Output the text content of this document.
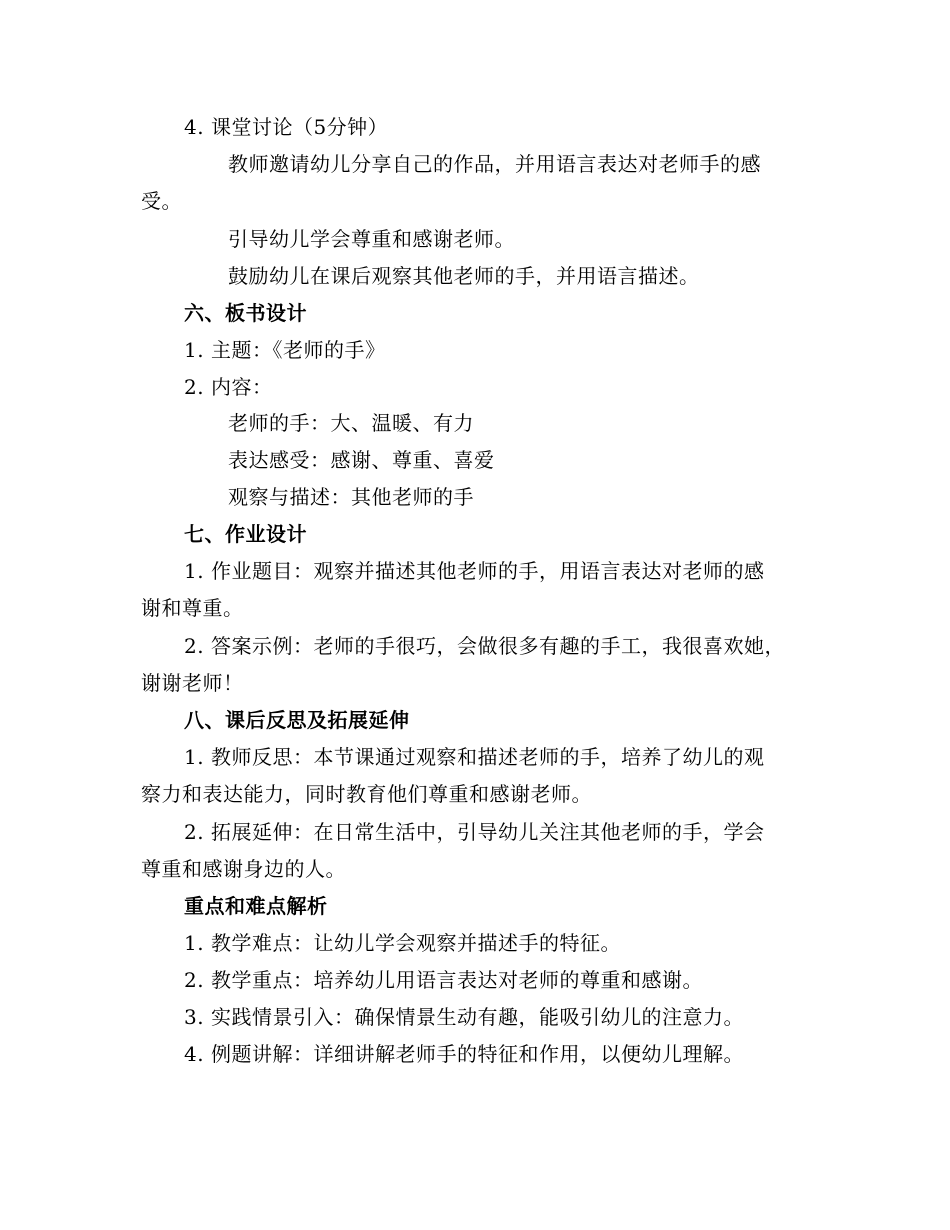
4. 课堂讨论（5分钟）
教师邀请幼儿分享自己的作品，并用语言表达对老师手的感
受。
引导幼儿学会尊重和感谢老师。
鼓励幼儿在课后观察其他老师的手，并用语言描述。
六、板书设计
1. 主题：《老师的手》
2. 内容：
老师的手：大、温暖、有力
表达感受：感谢、尊重、喜爱
观察与描述：其他老师的手
七、作业设计
1. 作业题目：观察并描述其他老师的手，用语言表达对老师的感
谢和尊重。
2. 答案示例：老师的手很巧，会做很多有趣的手工，我很喜欢她，
谢谢老师！
八、课后反思及拓展延伸
1. 教师反思：本节课通过观察和描述老师的手，培养了幼儿的观
察力和表达能力，同时教育他们尊重和感谢老师。
2. 拓展延伸：在日常生活中，引导幼儿关注其他老师的手，学会
尊重和感谢身边的人。
重点和难点解析
1. 教学难点：让幼儿学会观察并描述手的特征。
2. 教学重点：培养幼儿用语言表达对老师的尊重和感谢。
3. 实践情景引入：确保情景生动有趣，能吸引幼儿的注意力。
4. 例题讲解：详细讲解老师手的特征和作用，以便幼儿理解。
